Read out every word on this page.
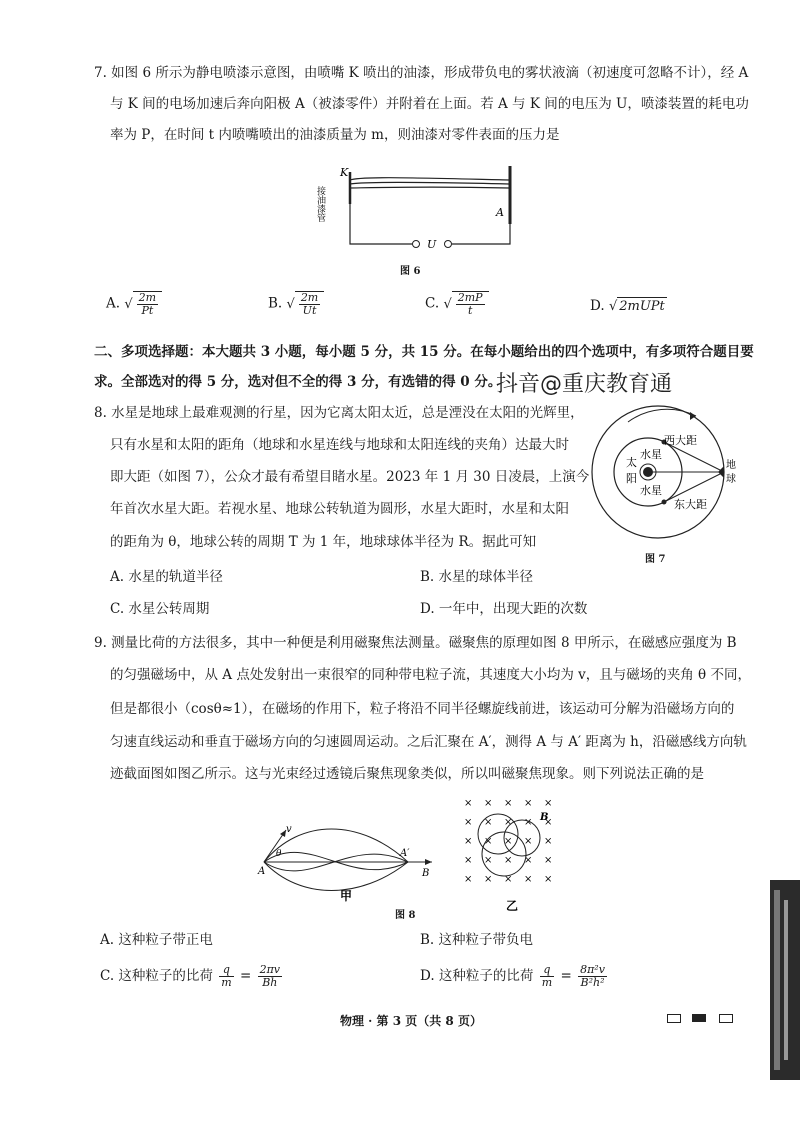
7. 如图 6 所示为静电喷漆示意图，由喷嘴 K 喷出的油漆，形成带负电的雾状液滴（初速度可忽略不计），经 A
与 K 间的电场加速后奔向阳极 A（被漆零件）并附着在上面。若 A 与 K 间的电压为 U，喷漆装置的耗电功
率为 P，在时间 t 内喷嘴喷出的油漆质量为 m，则油漆对零件表面的压力是
K
A
U
接油漆管
图 6
A. √ $\frac{2m}{Pt}$	B. √ $\frac{2m}{Ut}$	C. √ $\frac{2mP}{t}$	D. √ 2mUPt
二、多项选择题：本大题共 3 小题，每小题 5 分，共 15 分。在每小题给出的四个选项中，有多项符合题目要
求。全部选对的得 5 分，选对但不全的得 3 分，有选错的得 0 分。
抖音@重庆教育通
8. 水星是地球上最难观测的行星，因为它离太阳太近，总是湮没在太阳的光辉里，
只有水星和太阳的距角（地球和水星连线与地球和太阳连线的夹角）达最大时
即大距（如图 7），公众才最有希望目睹水星。2023 年 1 月 30 日凌晨，上演今
年首次水星大距。若视水星、地球公转轨道为圆形，水星大距时，水星和太阳
的距角为 θ，地球公转的周期 T 为 1 年，地球球体半径为 R。据此可知
A. 水星的轨道半径	B. 水星的球体半径
C. 水星公转周期	D. 一年中，出现大距的次数
西大距
东大距
水星
水星
太
阳
地
球
图 7
9. 测量比荷的方法很多，其中一种便是利用磁聚焦法测量。磁聚焦的原理如图 8 甲所示，在磁感应强度为 B
的匀强磁场中，从 A 点处发射出一束很窄的同种带电粒子流，其速度大小均为 v，且与磁场的夹角 θ 不同，
但是都很小（cosθ≈1），在磁场的作用下，粒子将沿不同半径螺旋线前进，该运动可分解为沿磁场方向的
匀速直线运动和垂直于磁场方向的匀速圆周运动。之后汇聚在 A′，测得 A 与 A′ 距离为 h，沿磁感线方向轨
迹截面图如图乙所示。这与光束经过透镜后聚焦现象类似，所以叫磁聚焦现象。则下列说法正确的是
A
A′
B
v
θ
甲
× × × × ×
× × × × ×
× × × × ×
× × × × ×
× × × × ×
B
乙
图 8
A. 这种粒子带正电	B. 这种粒子带负电
C. 这种粒子的比荷 $\frac{q}{m} = \frac{2\pi v}{Bh}$	D. 这种粒子的比荷 $\frac{q}{m} = \frac{\text{8π²v}}{\text{B²h²}}$
物理 · 第 3 页（共 8 页）
